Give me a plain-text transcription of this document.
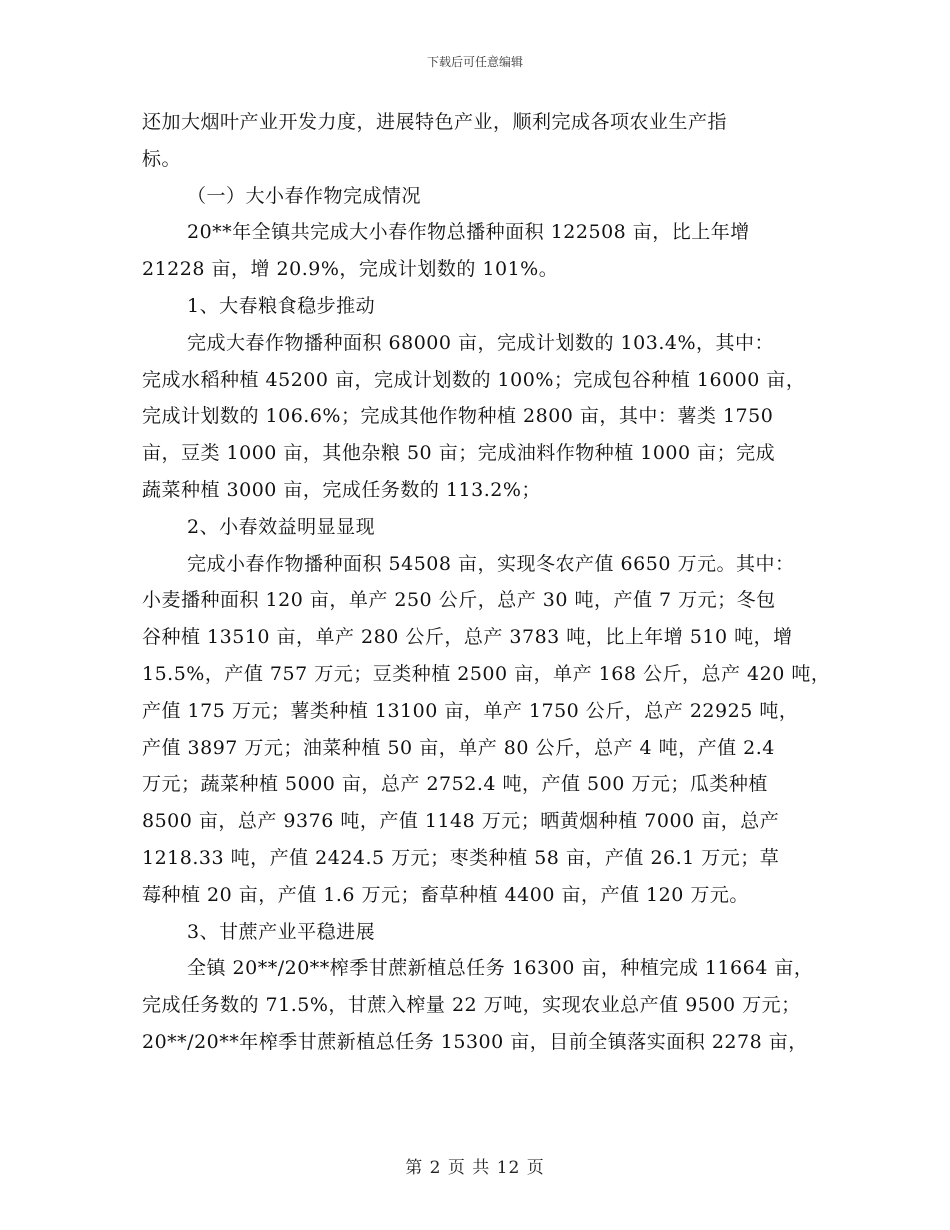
下载后可任意编辑
还加大烟叶产业开发力度，进展特色产业，顺利完成各项农业生产指
标。
（一）大小春作物完成情况
20**年全镇共完成大小春作物总播种面积 122508 亩，比上年增
21228 亩，增 20.9%，完成计划数的 101%。
1、大春粮食稳步推动
完成大春作物播种面积 68000 亩，完成计划数的 103.4%，其中：
完成水稻种植 45200 亩，完成计划数的 100%；完成包谷种植 16000 亩，
完成计划数的 106.6%；完成其他作物种植 2800 亩，其中：薯类 1750
亩，豆类 1000 亩，其他杂粮 50 亩；完成油料作物种植 1000 亩；完成
蔬菜种植 3000 亩，完成任务数的 113.2%；
2、小春效益明显显现
完成小春作物播种面积 54508 亩，实现冬农产值 6650 万元。其中：
小麦播种面积 120 亩，单产 250 公斤，总产 30 吨，产值 7 万元；冬包
谷种植 13510 亩，单产 280 公斤，总产 3783 吨，比上年增 510 吨，增
15.5%，产值 757 万元；豆类种植 2500 亩，单产 168 公斤，总产 420 吨，
产值 175 万元；薯类种植 13100 亩，单产 1750 公斤，总产 22925 吨，
产值 3897 万元；油菜种植 50 亩，单产 80 公斤，总产 4 吨，产值 2.4
万元；蔬菜种植 5000 亩，总产 2752.4 吨，产值 500 万元；瓜类种植
8500 亩，总产 9376 吨，产值 1148 万元；晒黄烟种植 7000 亩，总产
1218.33 吨，产值 2424.5 万元；枣类种植 58 亩，产值 26.1 万元；草
莓种植 20 亩，产值 1.6 万元；畜草种植 4400 亩，产值 120 万元。
3、甘蔗产业平稳进展
全镇 20**/20**榨季甘蔗新植总任务 16300 亩，种植完成 11664 亩，
完成任务数的 71.5%，甘蔗入榨量 22 万吨，实现农业总产值 9500 万元；
20**/20**年榨季甘蔗新植总任务 15300 亩，目前全镇落实面积 2278 亩，
第 2 页 共 12 页
